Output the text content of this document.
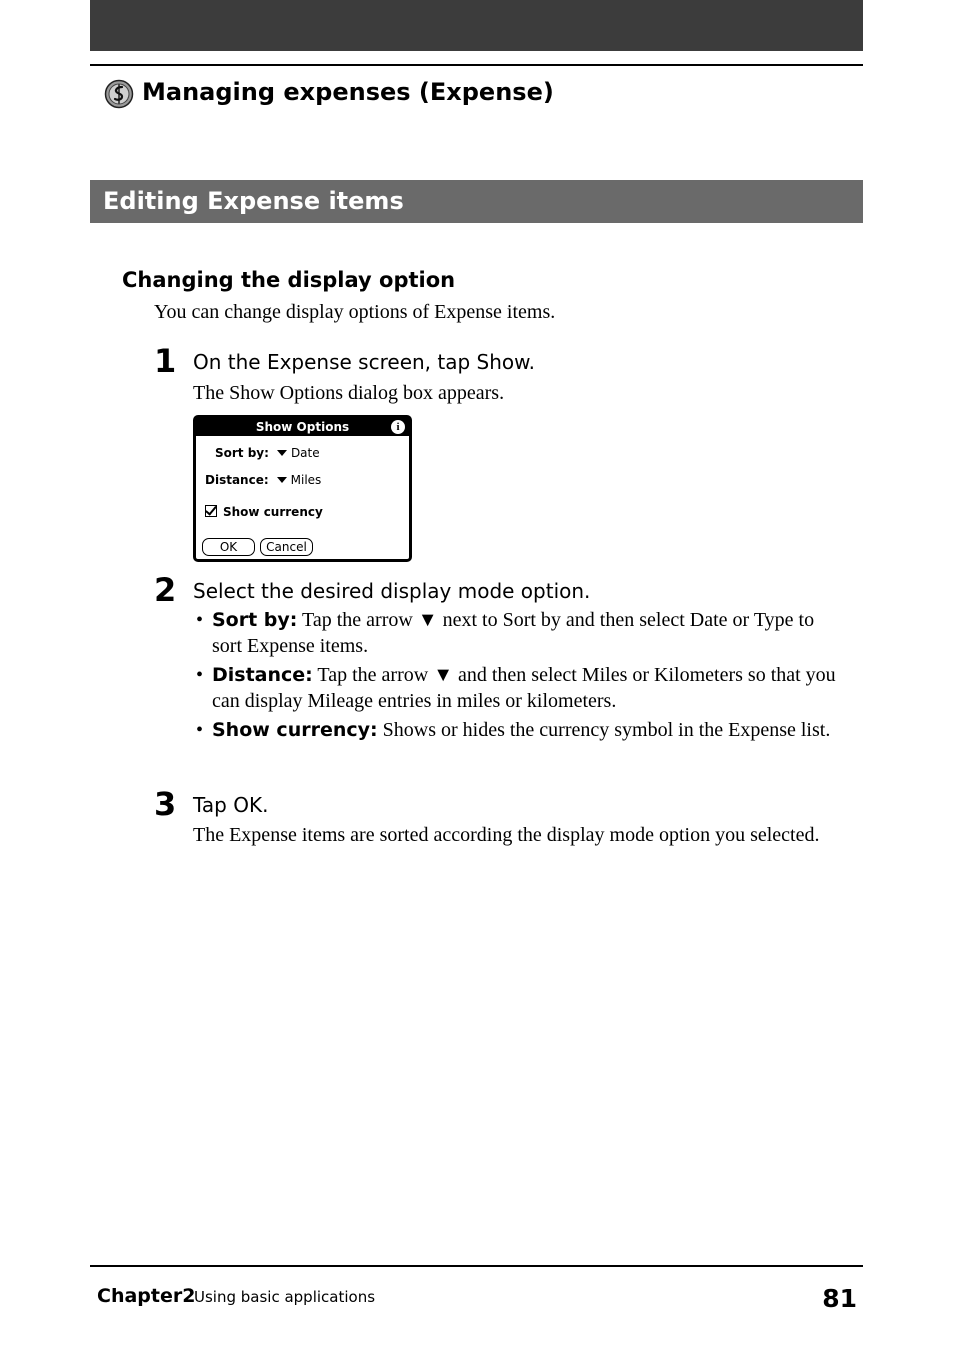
Managing expenses (Expense)
Editing Expense items
Changing the display option
You can change display options of Expense items.
1 On the Expense screen, tap Show.
The Show Options dialog box appears.
Show Options	i
Sort by: Date
Distance: Miles
Show currency
OK	Cancel
2 Select the desired display mode option.
• Sort by: Tap the arrow ▼ next to Sort by and then select Date or Type to sort Expense items.
• Distance: Tap the arrow ▼ and then select Miles or Kilometers so that you can display Mileage entries in miles or kilometers.
• Show currency: Shows or hides the currency symbol in the Expense list.
3 Tap OK.
The Expense items are sorted according the display mode option you selected.
Chapter2
Using basic applications	81
